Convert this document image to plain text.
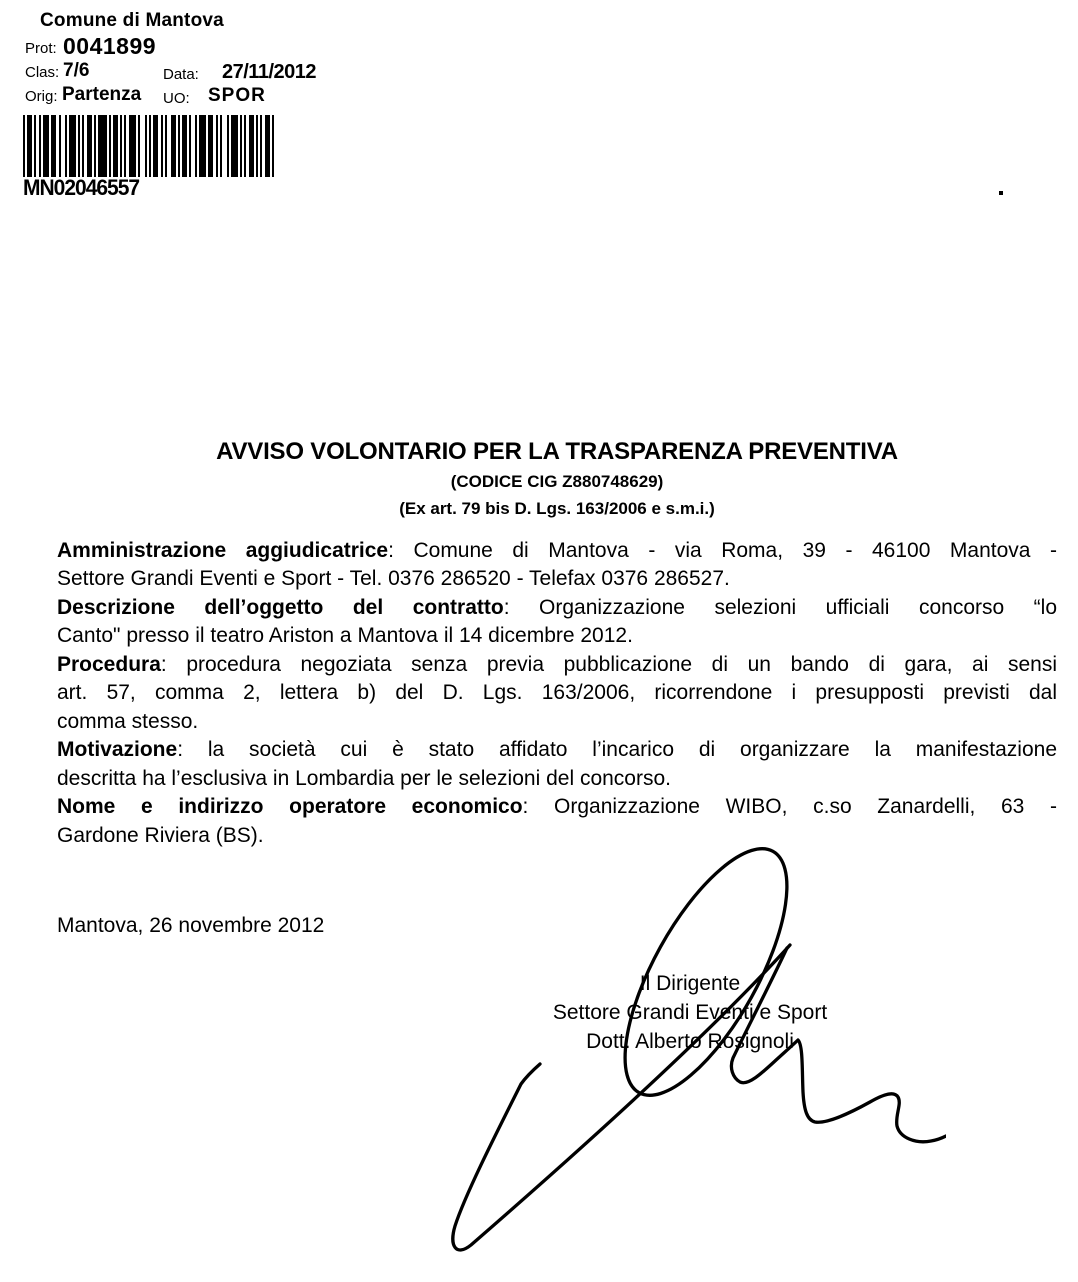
Comune di Mantova
Prot: 0041899
Clas: 7/6	Data: 27/11/2012
Orig: Partenza UO: SPOR
MN02046557
AVVISO VOLONTARIO PER LA TRASPARENZA PREVENTIVA
(CODICE CIG Z880748629)
(Ex art. 79 bis D. Lgs. 163/2006 e s.m.i.)
Amministrazione aggiudicatrice: Comune di Mantova - via Roma, 39 - 46100 Mantova -
Settore Grandi Eventi e Sport - Tel. 0376 286520 - Telefax 0376 286527.
Descrizione dell’oggetto del contratto: Organizzazione selezioni ufficiali concorso “lo
Canto" presso il teatro Ariston a Mantova il 14 dicembre 2012.
Procedura: procedura negoziata senza previa pubblicazione di un bando di gara, ai sensi
art. 57, comma 2, lettera b) del D. Lgs. 163/2006, ricorrendone i presupposti previsti dal
comma stesso.
Motivazione: la società cui è stato affidato l’incarico di organizzare la manifestazione
descritta ha l’esclusiva in Lombardia per le selezioni del concorso.
Nome e indirizzo operatore economico: Organizzazione WIBO, c.so Zanardelli, 63 -
Gardone Riviera (BS).
Mantova, 26 novembre 2012
Il Dirigente
Settore Grandi Eventi e Sport
Dott. Alberto Rosignoli
